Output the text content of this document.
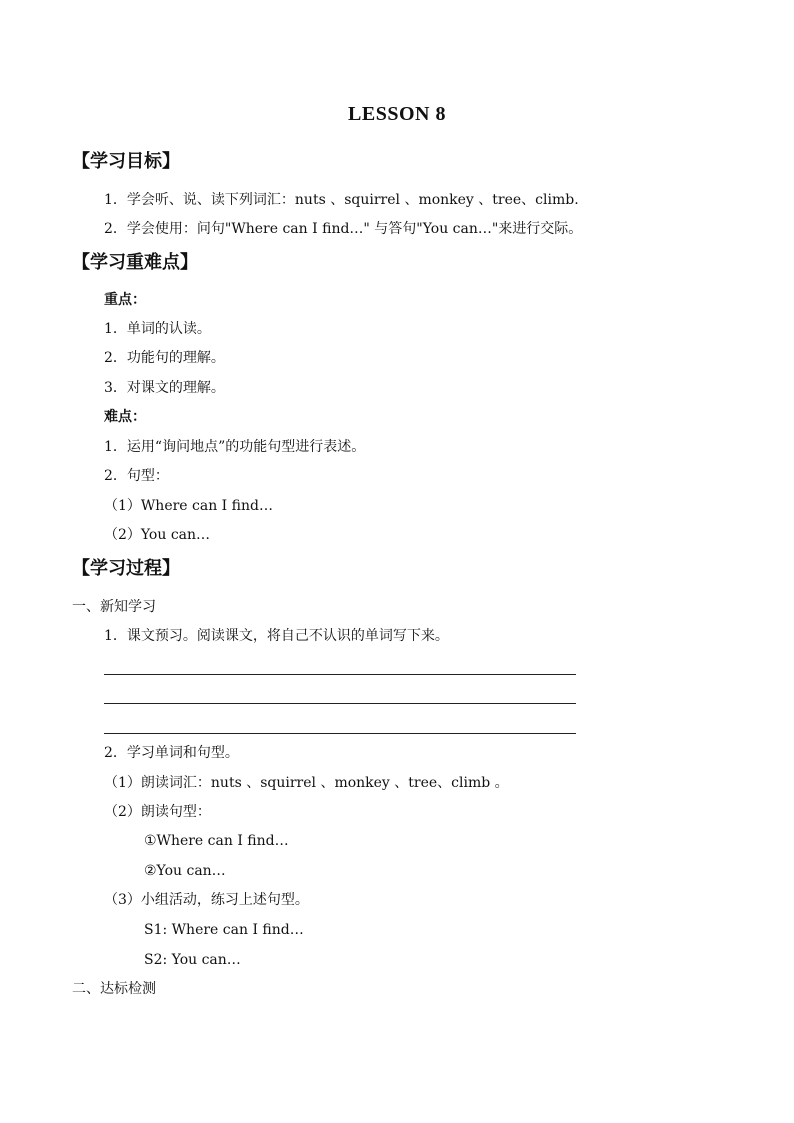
LESSON 8
【学习目标】
1．学会听、说、读下列词汇：nuts 、squirrel 、monkey 、tree、climb.
2．学会使用：问句"Where can I find…" 与答句"You can…"来进行交际。
【学习重难点】
重点：
1．单词的认读。
2．功能句的理解。
3．对课文的理解。
难点：
1．运用“询问地点”的功能句型进行表述。
2．句型：
（1）Where can I find…
（2）You can…
【学习过程】
一、新知学习
1．课文预习。阅读课文，将自己不认识的单词写下来。
2．学习单词和句型。
（1）朗读词汇：nuts 、squirrel 、monkey 、tree、climb 。
（2）朗读句型：
①Where can I find…
②You can…
（3）小组活动，练习上述句型。
S1: Where can I find…
S2: You can…
二、达标检测
